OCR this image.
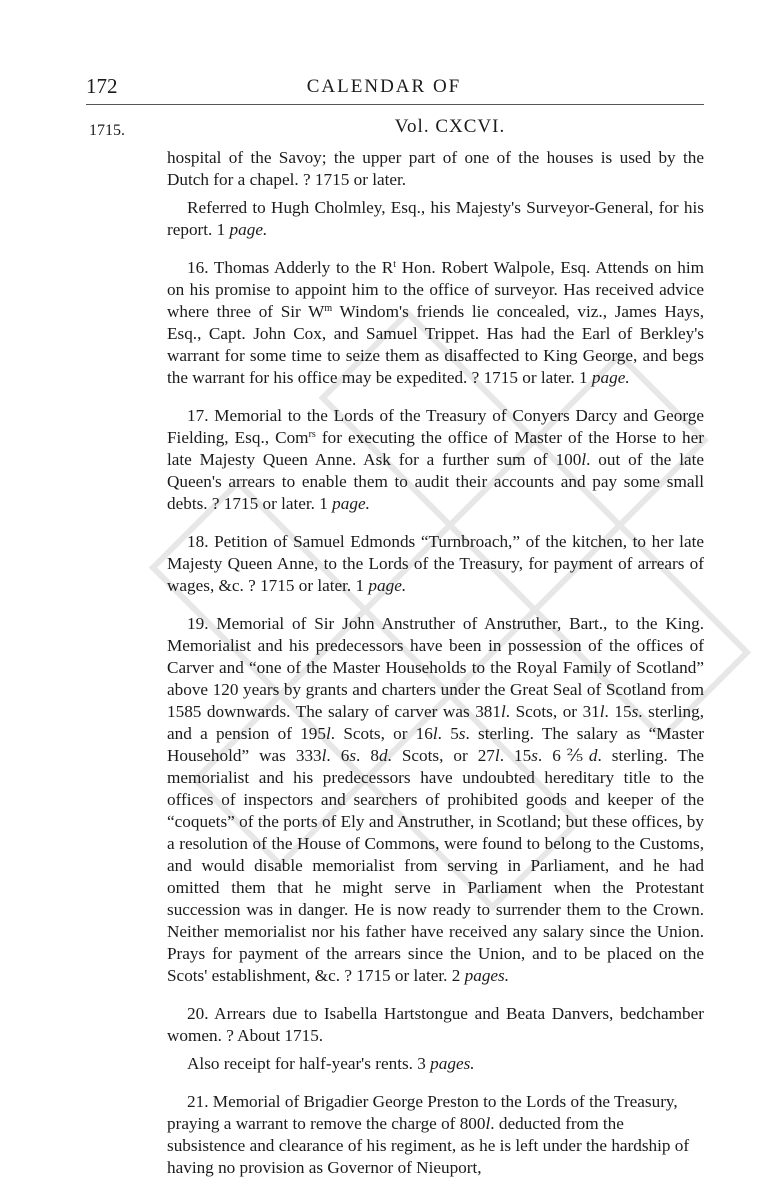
172	CALENDAR OF
1715.	Vol. CXCVI.

hospital of the Savoy; the upper part of one of the houses is used by the Dutch for a chapel. ? 1715 or later.

Referred to Hugh Cholmley, Esq., his Majesty's Surveyor-General, for his report. 1 page.

16. Thomas Adderly to the $R^t$ Hon. Robert Walpole, Esq. Attends on him on his promise to appoint him to the office of surveyor. Has received advice where three of Sir $W^m$ Windom's friends lie concealed, viz., James Hays, Esq., Capt. John Cox, and Samuel Trippet. Has had the Earl of Berkley's warrant for some time to seize them as disaffected to King George, and begs the warrant for his office may be expedited. ? 1715 or later. 1 page.

17. Memorial to the Lords of the Treasury of Conyers Darcy and George Fielding, Esq., Com$^{rs}$ for executing the office of Master of the Horse to her late Majesty Queen Anne. Ask for a further sum of 100l. out of the late Queen's arrears to enable them to audit their accounts and pay some small debts. ? 1715 or later. 1 page.

18. Petition of Samuel Edmonds “Turnbroach,” of the kitchen, to her late Majesty Queen Anne, to the Lords of the Treasury, for payment of arrears of wages, &c. ? 1715 or later. 1 page.

19. Memorial of Sir John Anstruther of Anstruther, Bart., to the King. Memorialist and his predecessors have been in possession of the offices of Carver and “one of the Master Households to the Royal Family of Scotland” above 120 years by grants and charters under the Great Seal of Scotland from 1585 downwards. The salary of carver was 381l. Scots, or 31l. 15s. sterling, and a pension of 195l. Scots, or 16l. 5s. sterling. The salary as “Master Household” was 333l. 6s. 8d. Scots, or 27l. 15s. 6⅖d. sterling. The memorialist and his predecessors have undoubted hereditary title to the offices of inspectors and searchers of prohibited goods and keeper of the “coquets” of the ports of Ely and Anstruther, in Scotland; but these offices, by a resolution of the House of Commons, were found to belong to the Customs, and would disable memorialist from serving in Parliament, and he had omitted them that he might serve in Parliament when the Protestant succession was in danger. He is now ready to surrender them to the Crown. Neither memorialist nor his father have received any salary since the Union. Prays for payment of the arrears since the Union, and to be placed on the Scots' establishment, &c. ? 1715 or later. 2 pages.

20. Arrears due to Isabella Hartstongue and Beata Danvers, bedchamber women. ? About 1715.

Also receipt for half-year's rents. 3 pages.

21. Memorial of Brigadier George Preston to the Lords of the Treasury, praying a warrant to remove the charge of 800l. deducted from the subsistence and clearance of his regiment, as he is left under the hardship of having no provision as Governor of Nieuport,
